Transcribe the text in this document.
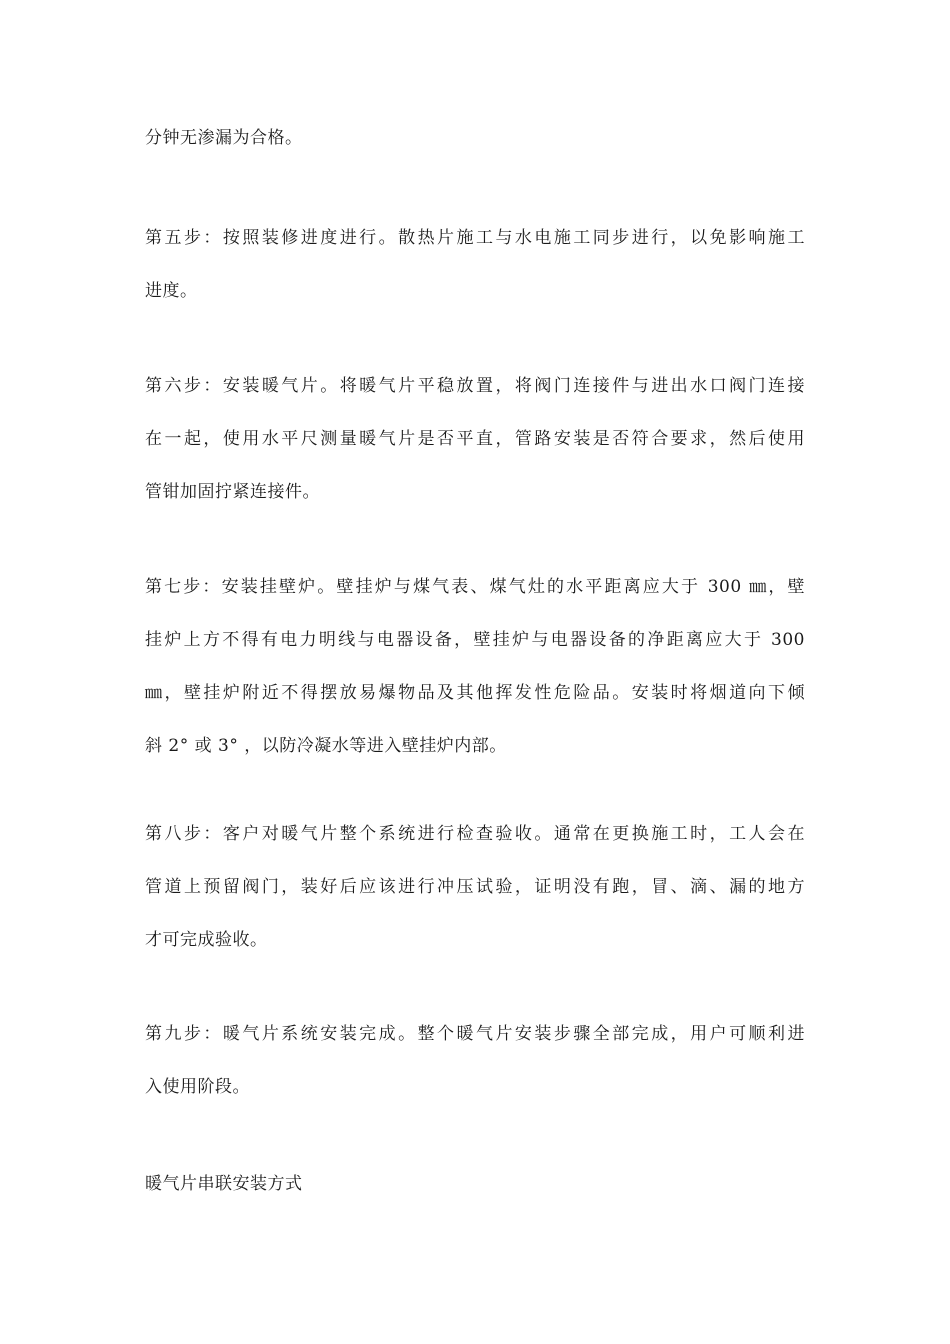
分钟无渗漏为合格。

第五步：按照装修进度进行。散热片施工与水电施工同步进行，以免影响施工
进度。

第六步：安装暖气片。将暖气片平稳放置，将阀门连接件与进出水口阀门连接
在一起，使用水平尺测量暖气片是否平直，管路安装是否符合要求，然后使用
管钳加固拧紧连接件。

第七步：安装挂壁炉。壁挂炉与煤气表、煤气灶的水平距离应大于 300 ㎜，壁
挂炉上方不得有电力明线与电器设备，壁挂炉与电器设备的净距离应大于 300
㎜，壁挂炉附近不得摆放易爆物品及其他挥发性危险品。安装时将烟道向下倾
斜 2° 或 3° ，以防冷凝水等进入壁挂炉内部。

第八步：客户对暖气片整个系统进行检查验收。通常在更换施工时，工人会在
管道上预留阀门，装好后应该进行冲压试验，证明没有跑，冒、滴、漏的地方
才可完成验收。

第九步：暖气片系统安装完成。整个暖气片安装步骤全部完成，用户可顺利进
入使用阶段。

暖气片串联安装方式
